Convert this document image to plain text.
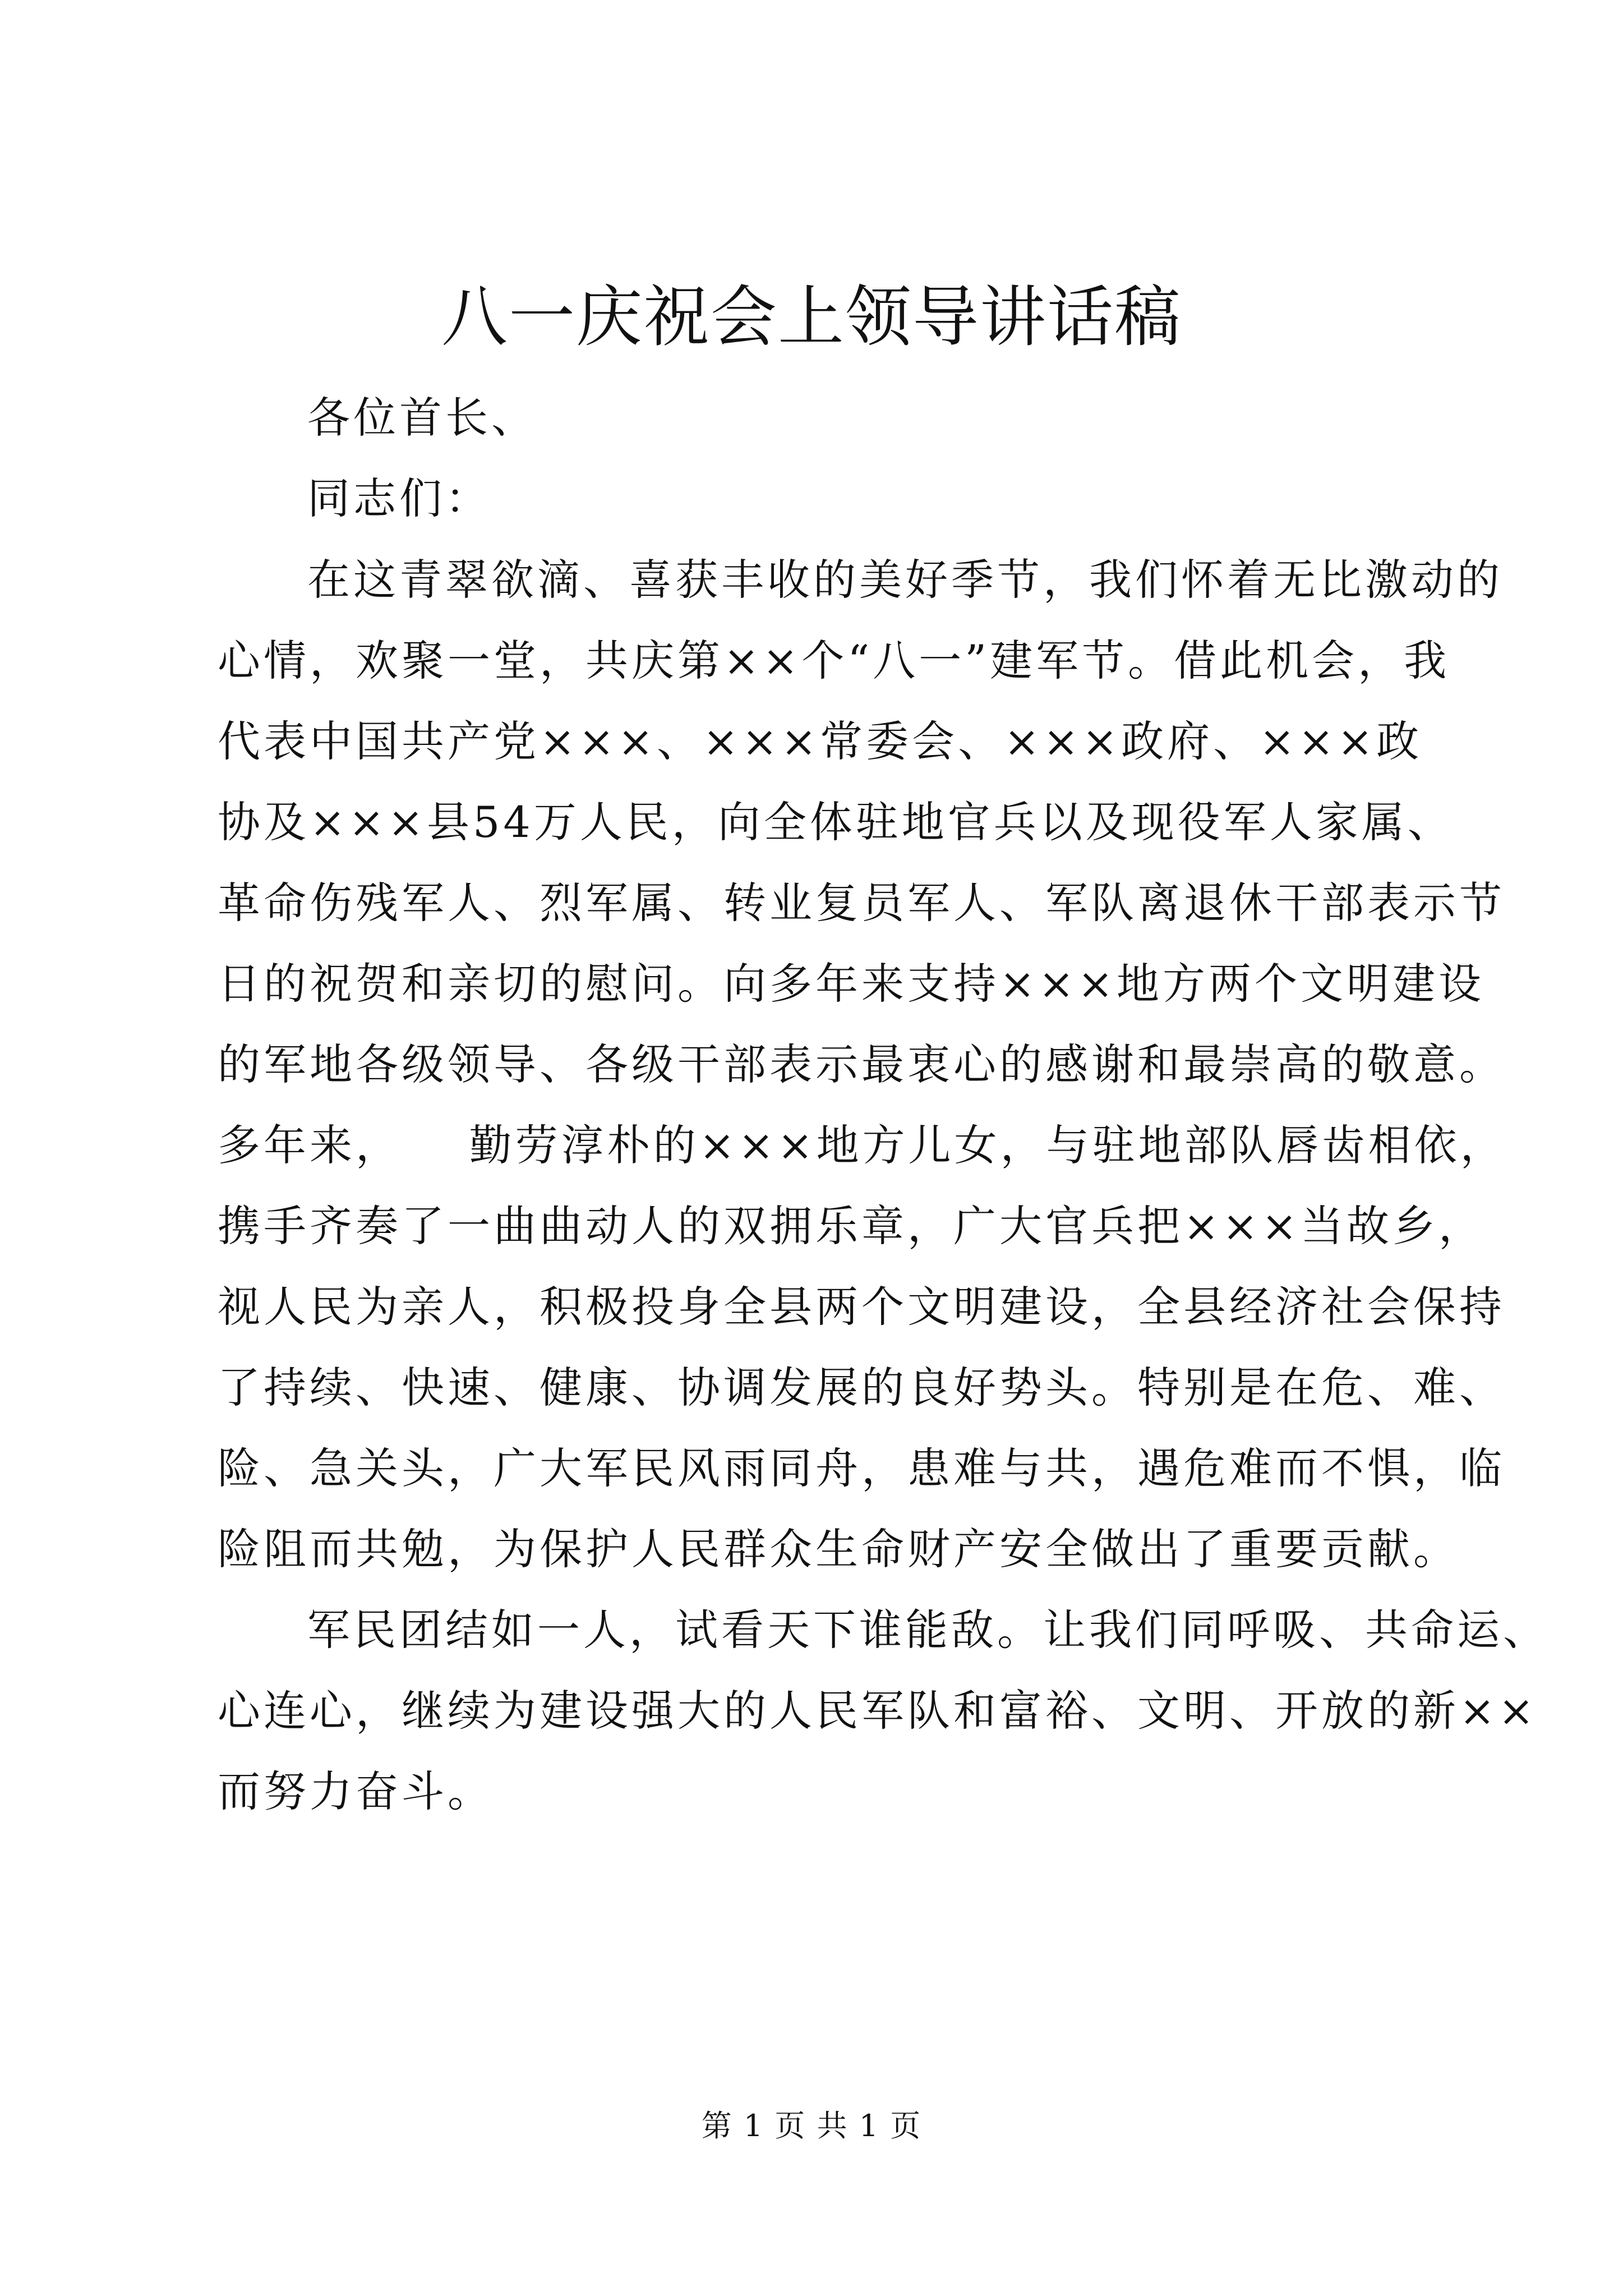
八一庆祝会上领导讲话稿

各位首长、

同志们：

在这青翠欲滴、喜获丰收的美好季节，我们怀着无比激动的

心情，欢聚一堂，共庆第××个“八一”建军节。借此机会，我

代表中国共产党×××、×××常委会、×××政府、×××政

协及×××县54万人民，向全体驻地官兵以及现役军人家属、

革命伤残军人、烈军属、转业复员军人、军队离退休干部表示节

日的祝贺和亲切的慰问。向多年来支持×××地方两个文明建设

的军地各级领导、各级干部表示最衷心的感谢和最崇高的敬意。

多年来，    勤劳淳朴的×××地方儿女，与驻地部队唇齿相依，

携手齐奏了一曲曲动人的双拥乐章，广大官兵把×××当故乡，

视人民为亲人，积极投身全县两个文明建设，全县经济社会保持

了持续、快速、健康、协调发展的良好势头。特别是在危、难、

险、急关头，广大军民风雨同舟，患难与共，遇危难而不惧，临

险阻而共勉，为保护人民群众生命财产安全做出了重要贡献。

军民团结如一人，试看天下谁能敌。让我们同呼吸、共命运、

心连心，继续为建设强大的人民军队和富裕、文明、开放的新××

而努力奋斗。

第 1 页 共 1 页
